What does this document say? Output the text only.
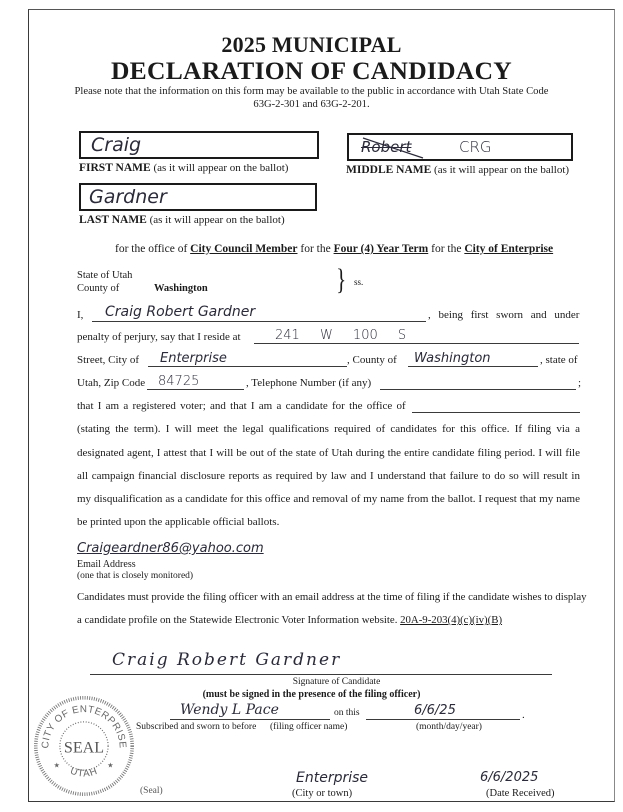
2025 MUNICIPAL
DECLARATION OF CANDIDACY
Please note that the information on this form may be available to the public in accordance with Utah State Code
63G-2-301 and 63G-2-201.
Craig
FIRST NAME (as it will appear on the ballot)
Robert	CRG
MIDDLE NAME (as it will appear on the ballot)
Gardner
LAST NAME (as it will appear on the ballot)
for the office of City Council Member for the Four (4) Year Term for the City of Enterprise
State of Utah
County of	Washington	} ss.
I, Craig Robert Gardner	, being first sworn and under
penalty of perjury, say that I reside at	241 W 100 S
Street, City of Enterprise	, County of Washington	, state of
Utah, Zip Code 84725	, Telephone Number (if any)	;
that I am a registered voter; and that I am a candidate for the office of
(stating the term). I will meet the legal qualifications required of candidates for this office. If filing via a
designated agent, I attest that I will be out of the state of Utah during the entire candidate filing period. I will file
all campaign financial disclosure reports as required by law and I understand that failure to do so will result in
my disqualification as a candidate for this office and removal of my name from the ballot. I request that my name
be printed upon the applicable official ballots.
Craigeardner86@yahoo.com
Email Address
(one that is closely monitored)
Candidates must provide the filing officer with an email address at the time of filing if the candidate wishes to display
a candidate profile on the Statewide Electronic Voter Information website. 20A-9-203(4)(c)(iv)(B)
Craig Robert Gardner
Signature of Candidate
(must be signed in the presence of the filing officer)
CITY OF ENTERPRISE
SEAL
UTAH
★	★
Subscribed and sworn to before
Wendy L Pace
(filing officer name)
on this	6/6/25	.
(month/day/year)
Enterprise
(City or town)
6/6/2025
(Date Received)
(Seal)
